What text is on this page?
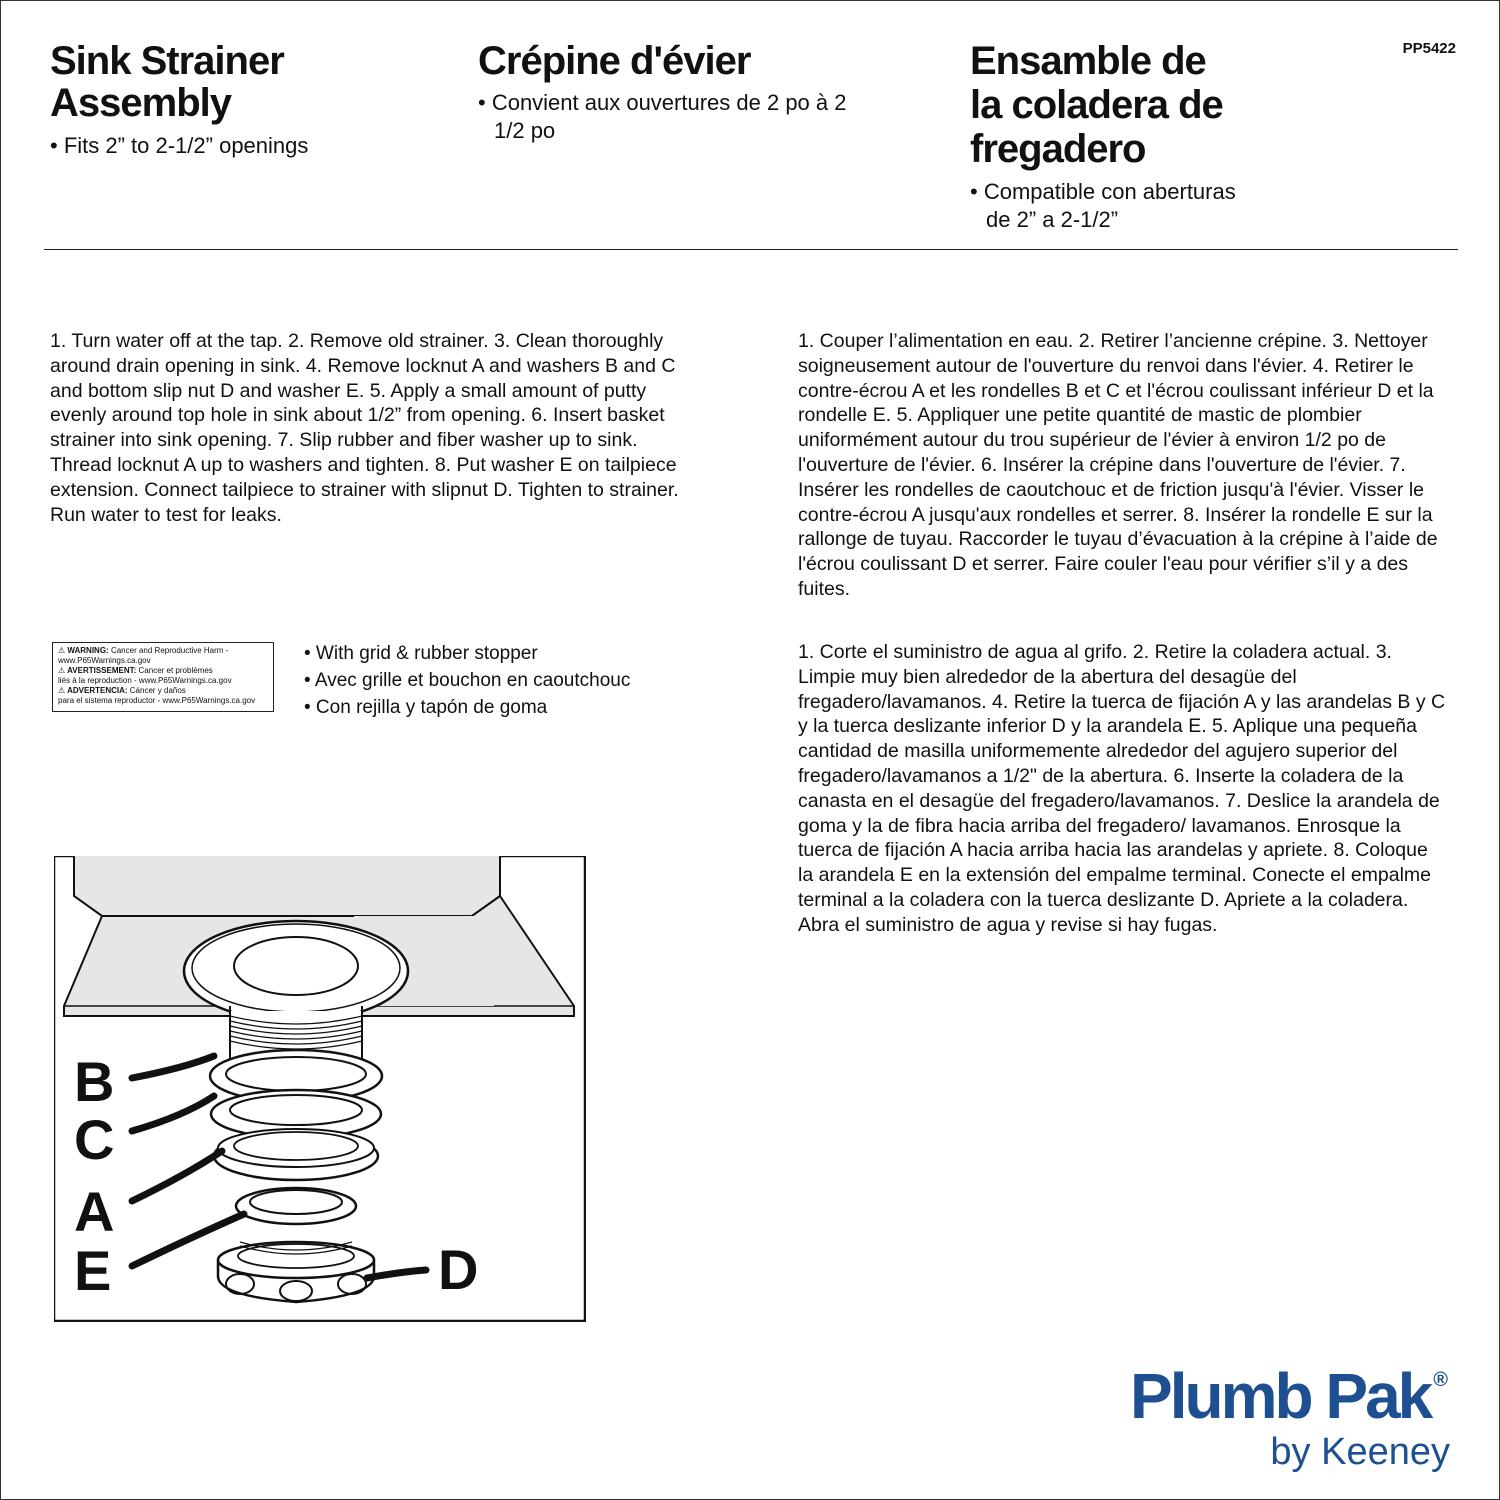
Sink Strainer
Assembly
• Fits 2” to 2-1/2” openings
Crépine d'évier
• Convient aux ouvertures de 2 po à 2
1/2 po
Ensamble de
la coladera de
fregadero
• Compatible con aberturas
de 2” a 2-1/2”
PP5422

1. Turn water off at the tap. 2. Remove old strainer. 3. Clean thoroughly around drain opening in sink. 4. Remove locknut A and washers B and C and bottom slip nut D and washer E. 5. Apply a small amount of putty evenly around top hole in sink about 1/2” from opening. 6. Insert basket strainer into sink opening. 7. Slip rubber and fiber washer up to sink. Thread locknut A up to washers and tighten. 8. Put washer E on tailpiece extension. Connect tailpiece to strainer with slipnut D. Tighten to strainer. Run water to test for leaks.

1. Couper l’alimentation en eau. 2. Retirer l’ancienne crépine. 3. Nettoyer soigneusement autour de l'ouverture du renvoi dans l'évier. 4. Retirer le contre-écrou A et les rondelles B et C et l'écrou coulissant inférieur D et la rondelle E. 5. Appliquer une petite quantité de mastic de plombier uniformément autour du trou supérieur de l'évier à environ 1/2 po de l'ouverture de l'évier. 6. Insérer la crépine dans l'ouverture de l'évier. 7. Insérer les rondelles de caoutchouc et de friction jusqu'à l'évier. Visser le contre-écrou A jusqu'aux rondelles et serrer. 8. Insérer la rondelle E sur la rallonge de tuyau. Raccorder le tuyau d’évacuation à la crépine à l’aide de l'écrou coulissant D et serrer. Faire couler l'eau pour vérifier s’il y a des fuites.

1. Corte el suministro de agua al grifo. 2. Retire la coladera actual. 3. Limpie muy bien alrededor de la abertura del desagüe del fregadero/lavamanos. 4. Retire la tuerca de fijación A y las arandelas B y C y la tuerca deslizante inferior D y la arandela E. 5. Aplique una pequeña cantidad de masilla uniformemente alrededor del agujero superior del fregadero/lavamanos a 1/2" de la abertura. 6. Inserte la coladera de la canasta en el desagüe del fregadero/lavamanos. 7. Deslice la arandela de goma y la de fibra hacia arriba del fregadero/ lavamanos. Enrosque la tuerca de fijación A hacia arriba hacia las arandelas y apriete. 8. Coloque la arandela E en la extensión del empalme terminal. Conecte el empalme terminal a la coladera con la tuerca deslizante D. Apriete a la coladera. Abra el suministro de agua y revise si hay fugas.

⚠ WARNING: Cancer and Reproductive Harm -
www.P65Warnings.ca.gov
⚠ AVERTISSEMENT: Cancer et problèmes
liés à la reproduction - www.P65Warnings.ca.gov
⚠ ADVERTENCIA: Cáncer y daños
para el sistema reproductor - www.P65Warnings.ca.gov
• With grid & rubber stopper
• Avec grille et bouchon en caoutchouc
• Con rejilla y tapón de goma
B
C
A
E	D
Plumb Pak ®
by Keeney
